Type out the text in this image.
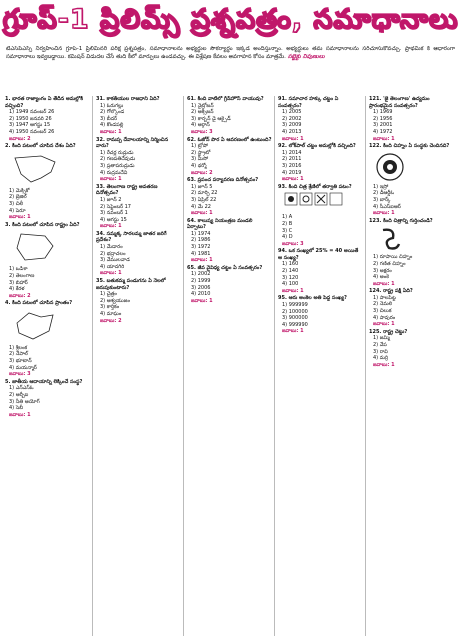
గ్రూప్-1 ప్రిలిమ్స్ ప్రశ్నపత్రం, సమాధానాలు
టీఎస్‌పీఎస్సీ నిర్వహించిన గ్రూప్-1 ప్రిలిమినరీ పరీక్ష ప్రశ్నపత్రం, సమాధానాలను అభ్యర్థుల సౌకర్యార్థం ఇక్కడ అందిస్తున్నాం. అభ్యర్థులు తమ సమాధానాలను సరిచూసుకోవచ్చు. ప్రాథమిక కీ ఆధారంగా సమాధానాలు ఇవ్వబడ్డాయి. కమిషన్ విడుదల చేసే తుది కీలో మార్పులు ఉండవచ్చు. ఈ విశ్లేషణ కేవలం అవగాహన కోసం మాత్రమే. సబ్జెక్టు నిపుణులు
1. భారత రాజ్యాంగం ఏ తేదీన అమల్లోకి వచ్చింది?
1) 1949 నవంబర్ 26
2) 1950 జనవరి 26
3) 1947 ఆగస్టు 15
4) 1950 నవంబర్ 26
జవాబు: 2
2. కింది పటంలో చూపిన దేశం ఏది?
1) మెక్సికో
2) బ్రెజిల్
3) చిలీ
4) పెరూ
జవాబు: 1
3. కింది పటంలో చూపిన రాష్ట్రం ఏది?
1) ఒడిశా
2) తెలంగాణ
3) బిహార్
4) కేరళ
జవాబు: 2
4. కింది పటంలో చూపిన ప్రాంతం?
1) శ్రీలంక
2) నేపాల్
3) భూటాన్
4) మయన్మార్
జవాబు: 3
5. జాతీయ ఆదాయాన్ని లెక్కించే సంస్థ?
1) ఎన్ఎస్ఓ
2) ఆర్బీఐ
3) నీతి ఆయోగ్
4) సెబీ
జవాబు: 1
31. కాకతీయుల రాజధాని ఏది?
1) ఓరుగల్లు
2) గోల్కొండ
3) బీదర్
4) కొండపల్లి
జవాబు: 1
32. రామప్ప దేవాలయాన్ని నిర్మించిన వారు?
1) రేచర్ల రుద్రుడు
2) గణపతిదేవుడు
3) ప్రతాపరుద్రుడు
4) రుద్రమదేవి
జవాబు: 1
33. తెలంగాణ రాష్ట్ర అవతరణ దినోత్సవం?
1) జూన్ 2
2) సెప్టెంబర్ 17
3) నవంబర్ 1
4) ఆగస్టు 15
జవాబు: 1
34. సమ్మక్క సారలమ్మ జాతర జరిగే ప్రదేశం?
1) మేడారం
2) భద్రాచలం
3) వేములవాడ
4) యాదగిరి
జవాబు: 1
35. బతుకమ్మ పండుగను ఏ నెలలో జరుపుకుంటారు?
1) చైత్రం
2) ఆశ్వయుజం
3) కార్తికం
4) మాఘం
జవాబు: 2
61. కింది వాటిలో గ్రీన్‌హౌస్ వాయువు?
1) నైట్రోజన్
2) ఆక్సిజన్
3) కార్బన్ డై ఆక్సైడ్
4) ఆర్గాన్
జవాబు: 3
62. ఓజోన్ పొర ఏ ఆవరణంలో ఉంటుంది?
1) ట్రోపో
2) స్ట్రాటో
3) మీసో
4) థర్మో
జవాబు: 2
63. ప్రపంచ పర్యావరణ దినోత్సవం?
1) జూన్ 5
2) మార్చి 22
3) ఏప్రిల్ 22
4) మే 22
జవాబు: 1
64. కాలుష్య నియంత్రణ మండలి ఏర్పాటు?
1) 1974
2) 1986
3) 1972
4) 1981
జవాబు: 1
65. జీవ వైవిధ్య చట్టం ఏ సంవత్సరం?
1) 2002
2) 1999
3) 2006
4) 2010
జవాబు: 1
91. సమాచార హక్కు చట్టం ఏ సంవత్సరం?
1) 2005
2) 2002
3) 2009
4) 2013
జవాబు: 1
92. లోక్‌పాల్ చట్టం అమల్లోకి వచ్చింది?
1) 2014
2) 2011
3) 2016
4) 2019
జవాబు: 1
93. కింది చిత్ర శ్రేణిలో తర్వాతి పటం?
1) A
2) B
3) C
4) D
జవాబు: 3
94. ఒక సంఖ్యలో 25% = 40 అయితే ఆ సంఖ్య?
1) 160
2) 140
3) 120
4) 100
జవాబు: 1
95. ఆరు అంకెల అతి పెద్ద సంఖ్య?
1) 999999
2) 100000
3) 900000
4) 999990
జవాబు: 1
121. 'జై తెలంగాణ' ఉద్యమం ప్రారంభమైన సంవత్సరం?
1) 1969
2) 1956
3) 2001
4) 1972
జవాబు: 1
122. కింది చిహ్నం ఏ సంస్థకు చెందినది?
1) ఇస్రో
2) డీఆర్డీఓ
3) బార్క్
4) సీఎస్ఐఆర్
జవాబు: 1
123. కింది చిత్రాన్ని గుర్తించండి?
1) రూపాయి చిహ్నం
2) గణిత చిహ్నం
3) అక్షరం
4) అంకె
జవాబు: 1
124. రాష్ట్ర పక్షి ఏది?
1) పాలపిట్ట
2) నెమలి
3) చిలుక
4) పావురం
జవాబు: 1
125. రాష్ట్ర చెట్టు?
1) జమ్మి
2) వేప
3) రావి
4) మర్రి
జవాబు: 1
